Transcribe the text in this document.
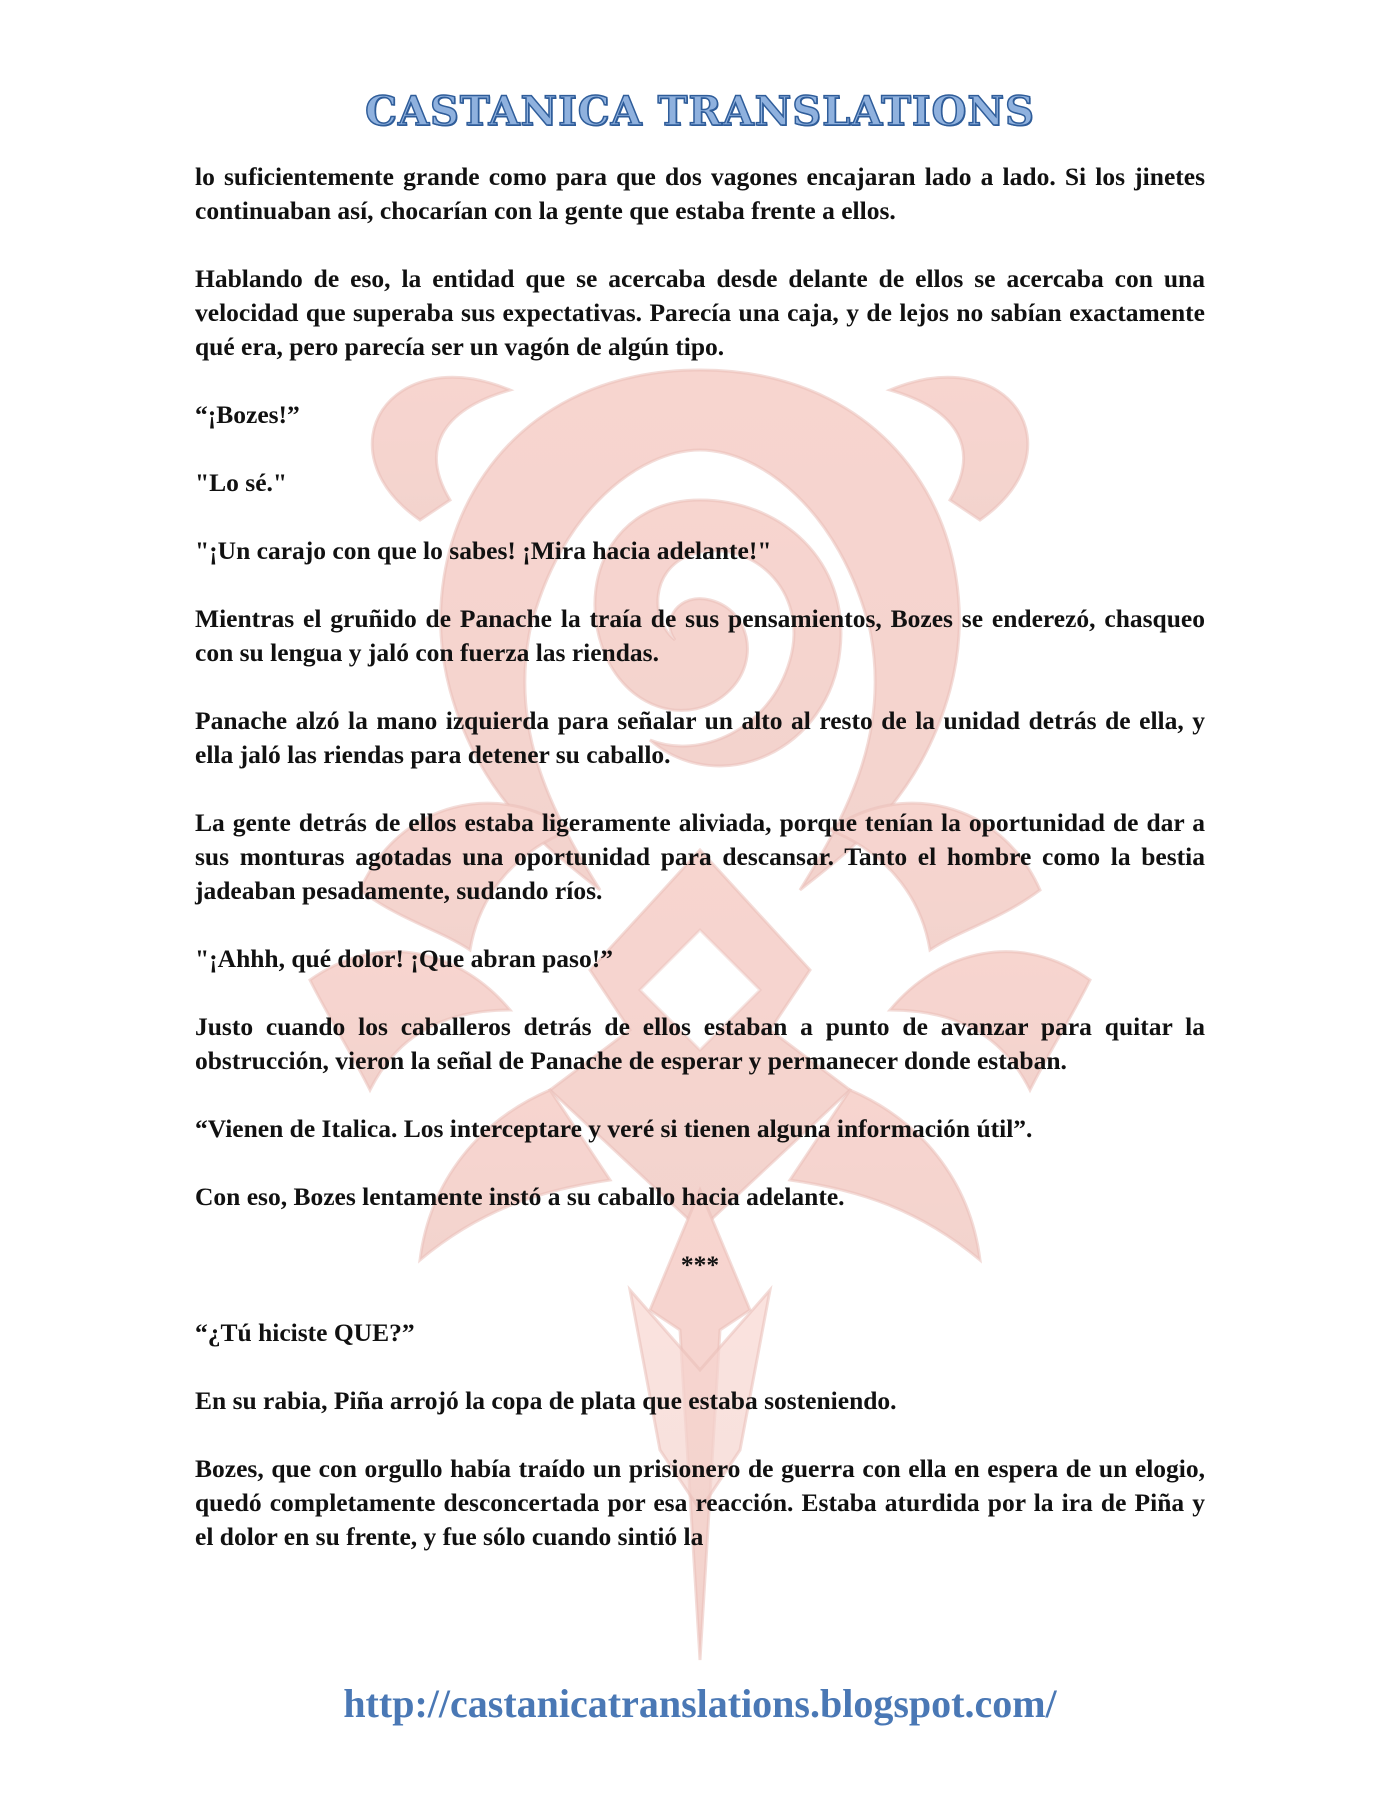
CASTANICA TRANSLATIONS

lo suficientemente grande como para que dos vagones encajaran lado a lado. Si los jinetes continuaban así, chocarían con la gente que estaba frente a ellos.

Hablando de eso, la entidad que se acercaba desde delante de ellos se acercaba con una velocidad que superaba sus expectativas. Parecía una caja, y de lejos no sabían exactamente qué era, pero parecía ser un vagón de algún tipo.

“¡Bozes!”

"Lo sé."

"¡Un carajo con que lo sabes! ¡Mira hacia adelante!"

Mientras el gruñido de Panache la traía de sus pensamientos, Bozes se enderezó, chasqueo con su lengua y jaló con fuerza las riendas.

Panache alzó la mano izquierda para señalar un alto al resto de la unidad detrás de ella, y ella jaló las riendas para detener su caballo.

La gente detrás de ellos estaba ligeramente aliviada, porque tenían la oportunidad de dar a sus monturas agotadas una oportunidad para descansar. Tanto el hombre como la bestia jadeaban pesadamente, sudando ríos.

"¡Ahhh, qué dolor! ¡Que abran paso!”

Justo cuando los caballeros detrás de ellos estaban a punto de avanzar para quitar la obstrucción, vieron la señal de Panache de esperar y permanecer donde estaban.

“Vienen de Italica. Los interceptare y veré si tienen alguna información útil”.

Con eso, Bozes lentamente instó a su caballo hacia adelante.

***

“¿Tú hiciste QUE?”

En su rabia, Piña arrojó la copa de plata que estaba sosteniendo.

Bozes, que con orgullo había traído un prisionero de guerra con ella en espera de un elogio, quedó completamente desconcertada por esa reacción. Estaba aturdida por la ira de Piña y el dolor en su frente, y fue sólo cuando sintió la

http://castanicatranslations.blogspot.com/
